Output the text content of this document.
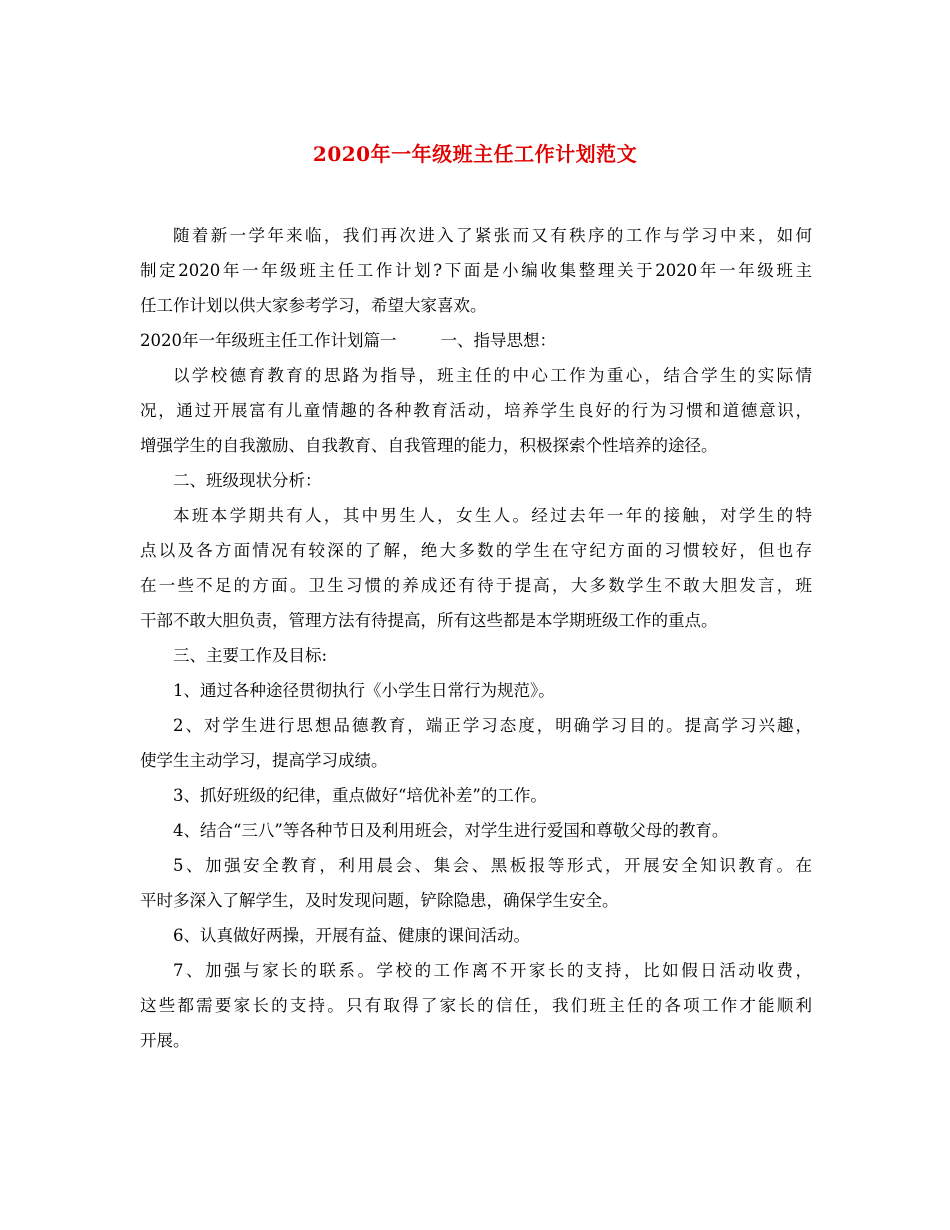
2020年一年级班主任工作计划范文

随着新一学年来临，我们再次进入了紧张而又有秩序的工作与学习中来，如何
制定2020年一年级班主任工作计划?下面是小编收集整理关于2020年一年级班主
任工作计划以供大家参考学习，希望大家喜欢。

2020年一年级班主任工作计划篇一	一、指导思想：

以学校德育教育的思路为指导，班主任的中心工作为重心，结合学生的实际情
况，通过开展富有儿童情趣的各种教育活动，培养学生良好的行为习惯和道德意识，
增强学生的自我激励、自我教育、自我管理的能力，积极探索个性培养的途径。

二、班级现状分析：

本班本学期共有人，其中男生人，女生人。经过去年一年的接触，对学生的特
点以及各方面情况有较深的了解，绝大多数的学生在守纪方面的习惯较好，但也存
在一些不足的方面。卫生习惯的养成还有待于提高，大多数学生不敢大胆发言，班
干部不敢大胆负责，管理方法有待提高，所有这些都是本学期班级工作的重点。

三、主要工作及目标:

1、通过各种途径贯彻执行《小学生日常行为规范》。

2、对学生进行思想品德教育，端正学习态度，明确学习目的。提高学习兴趣，
使学生主动学习，提高学习成绩。

3、抓好班级的纪律，重点做好“培优补差”的工作。

4、结合“三八”等各种节日及利用班会，对学生进行爱国和尊敬父母的教育。

5、加强安全教育，利用晨会、集会、黑板报等形式，开展安全知识教育。在
平时多深入了解学生，及时发现问题，铲除隐患，确保学生安全。

6、认真做好两操，开展有益、健康的课间活动。

7、加强与家长的联系。学校的工作离不开家长的支持，比如假日活动收费，
这些都需要家长的支持。只有取得了家长的信任，我们班主任的各项工作才能顺利
开展。
